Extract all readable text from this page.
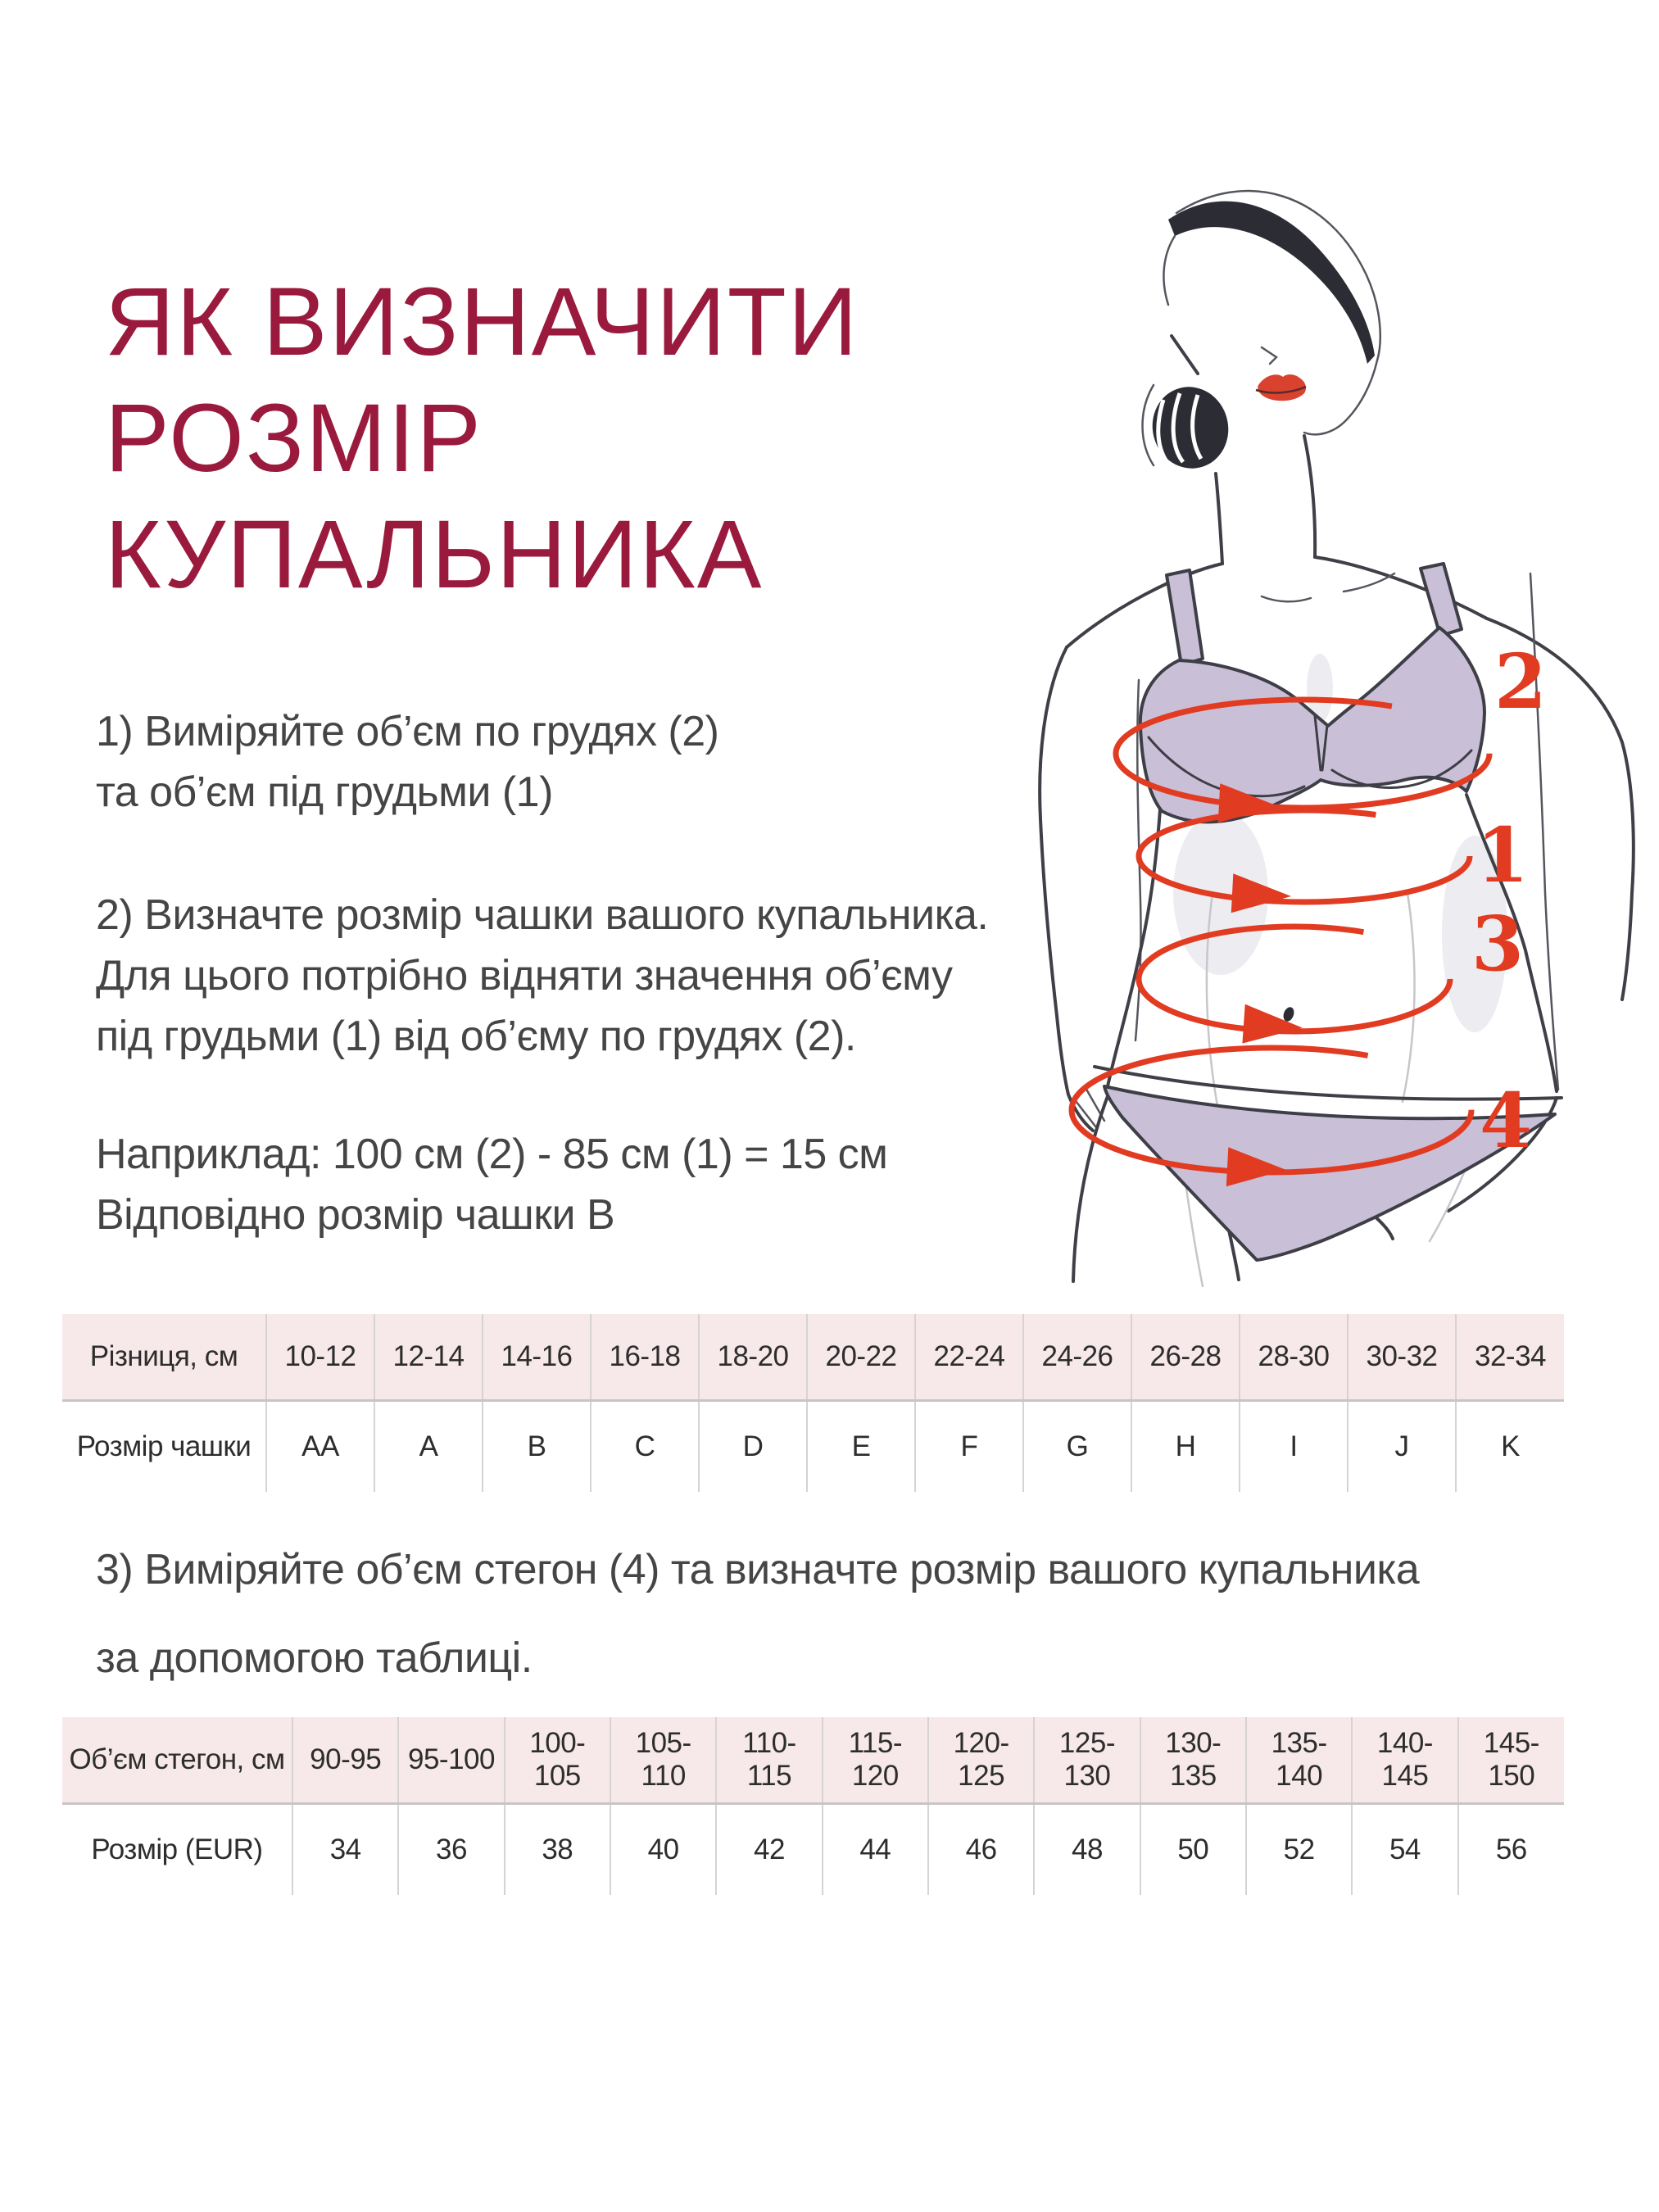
ЯК ВИЗНАЧИТИ
РОЗМІР
КУПАЛЬНИКА
1) Виміряйте об’єм по грудях (2)
та об’єм під грудьми (1)
2) Визначте розмір чашки вашого купальника.
Для цього потрібно відняти значення об’єму
під грудьми (1) від об’єму по грудях (2).
Наприклад: 100 см (2) - 85 см (1) = 15 см
Відповідно розмір чашки B
3) Виміряйте об’єм стегон (4) та визначте розмір вашого купальника
за допомогою таблиці.
Різниця, см	10-12	12-14	14-16	16-18	18-20	20-22	22-24	24-26	26-28	28-30	30-32	32-34
Розмір чашки	AA	A	B	C	D	E	F	G	H	I	J	K
Об’єм стегон, см	90-95	95-100	100-105	105-110	110-115	115-120	120-125	125-130	130-135	135-140	140-145	145-150
Розмір (EUR)	34	36	38	40	42	44	46	48	50	52	54	56
2
1
3
4
